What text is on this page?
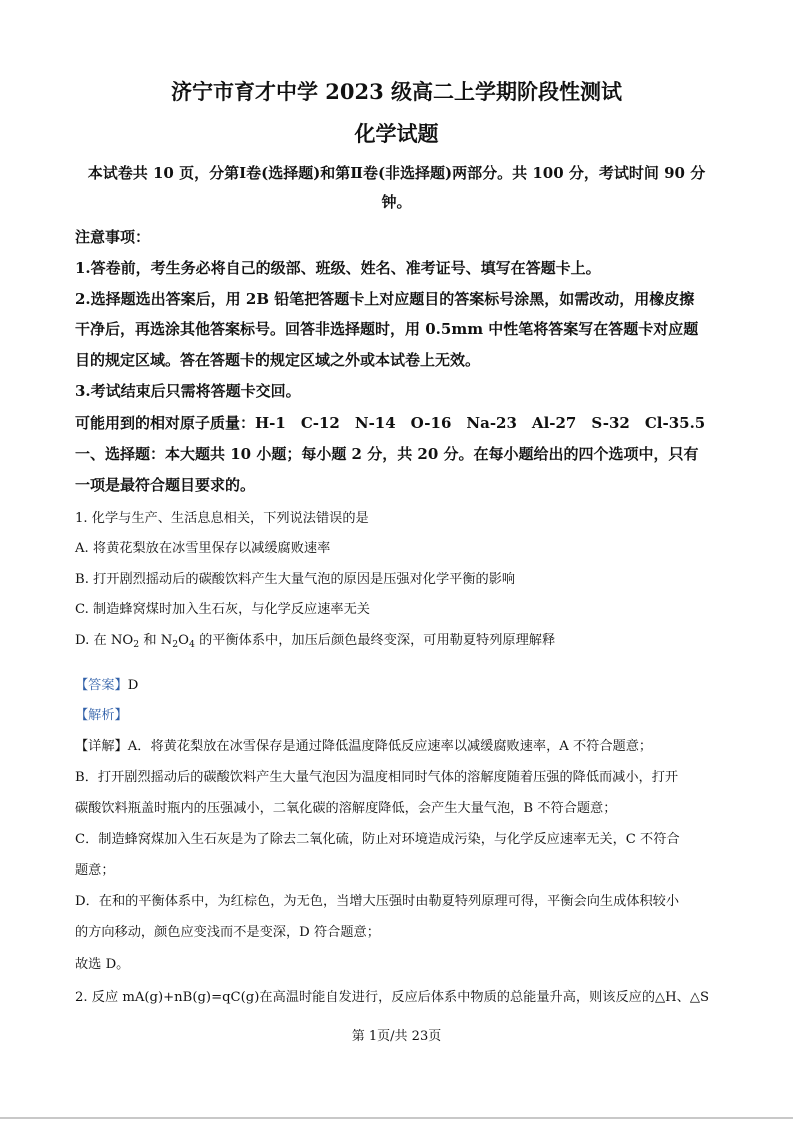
济宁市育才中学 2023 级高二上学期阶段性测试
化学试题
本试卷共 10 页，分第Ⅰ卷(选择题)和第Ⅱ卷(非选择题)两部分。共 100 分，考试时间 90 分
钟。
注意事项：
1.答卷前，考生务必将自己的级部、班级、姓名、准考证号、填写在答题卡上。
2.选择题选出答案后，用 2B 铅笔把答题卡上对应题目的答案标号涂黑，如需改动，用橡皮擦
干净后，再选涂其他答案标号。回答非选择题时，用 0.5mm 中性笔将答案写在答题卡对应题
目的规定区域。答在答题卡的规定区域之外或本试卷上无效。
3.考试结束后只需将答题卡交回。
可能用到的相对原子质量：H-1　C-12　N-14　O-16　Na-23　Al-27　S-32　Cl-35.5
一、选择题：本大题共 10 小题；每小题 2 分，共 20 分。在每小题给出的四个选项中，只有
一项是最符合题目要求的。
1. 化学与生产、生活息息相关，下列说法错误的是
A. 将黄花梨放在冰雪里保存以减缓腐败速率
B. 打开剧烈摇动后的碳酸饮料产生大量气泡的原因是压强对化学平衡的影响
C. 制造蜂窝煤时加入生石灰，与化学反应速率无关
D. 在 $NO_2$ 和 $N_2O_4$ 的平衡体系中，加压后颜色最终变深，可用勒夏特列原理解释
【答案】D
【解析】
【详解】A．将黄花梨放在冰雪保存是通过降低温度降低反应速率以减缓腐败速率，A 不符合题意；
B．打开剧烈摇动后的碳酸饮料产生大量气泡因为温度相同时气体的溶解度随着压强的降低而减小，打开
碳酸饮料瓶盖时瓶内的压强减小，二氧化碳的溶解度降低，会产生大量气泡，B 不符合题意；
C．制造蜂窝煤加入生石灰是为了除去二氧化硫，防止对环境造成污染，与化学反应速率无关，C 不符合
题意；
D．在和的平衡体系中，为红棕色，为无色，当增大压强时由勒夏特列原理可得，平衡会向生成体积较小
的方向移动，颜色应变浅而不是变深，D 符合题意；
故选 D。
2. 反应 mA(g)+nB(g)=qC(g)在高温时能自发进行，反应后体系中物质的总能量升高，则该反应的△H、△S
第 1页/共 23页
